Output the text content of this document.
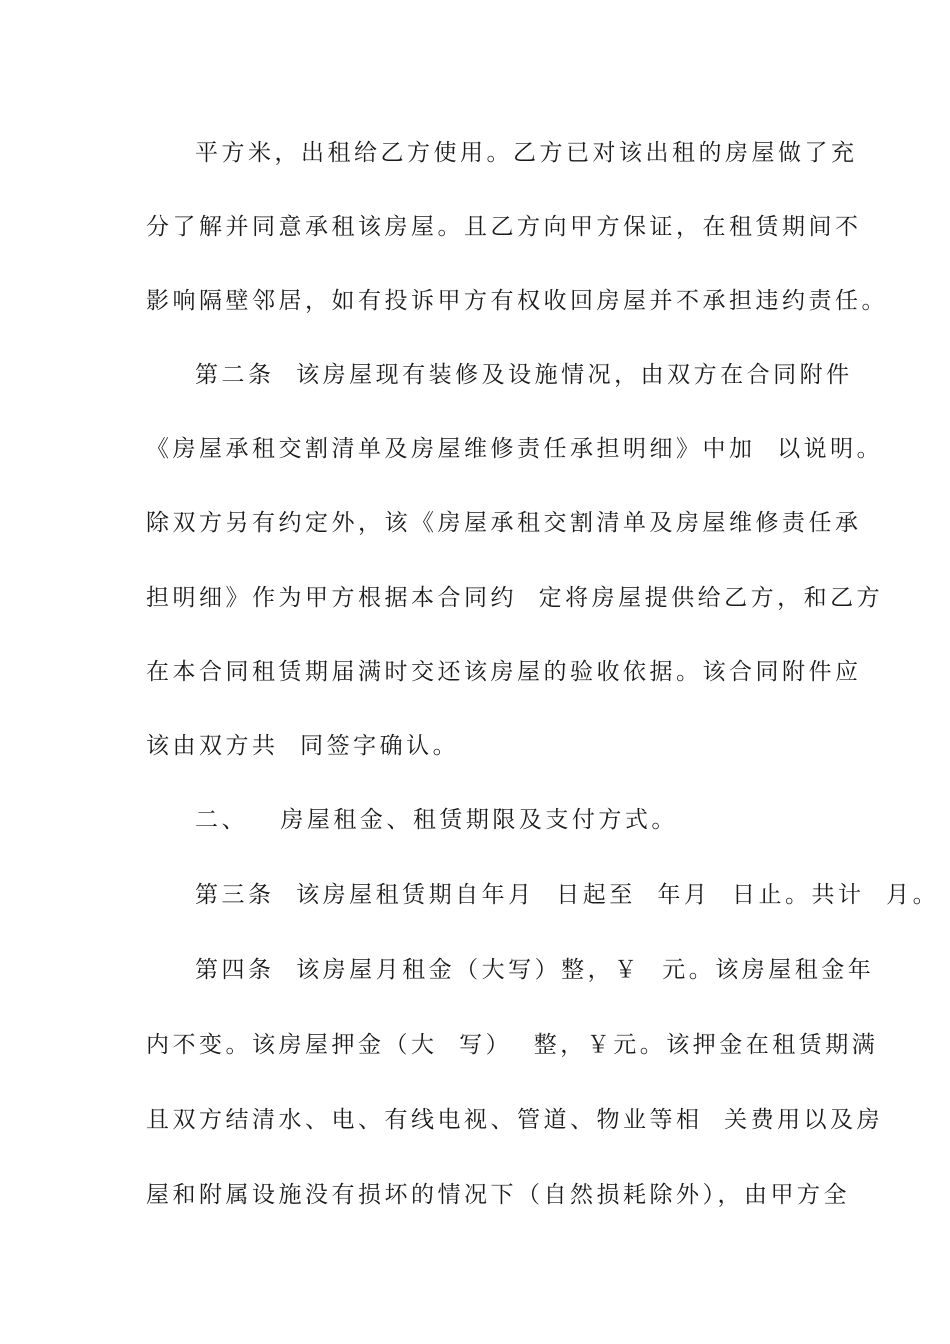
平方米，出租给乙方使用。乙方已对该出租的房屋做了充
分了解并同意承租该房屋。且乙方向甲方保证，在租赁期间不
影响隔壁邻居，如有投诉甲方有权收回房屋并不承担违约责任。
第二条  该房屋现有装修及设施情况，由双方在合同附件
《房屋承租交割清单及房屋维修责任承担明细》中加  以说明。
除双方另有约定外，该《房屋承租交割清单及房屋维修责任承
担明细》作为甲方根据本合同约  定将房屋提供给乙方，和乙方
在本合同租赁期届满时交还该房屋的验收依据。该合同附件应
该由双方共  同签字确认。
二、   房屋租金、租赁期限及支付方式。
第三条  该房屋租赁期自年月  日起至  年月  日止。共计  月。
第四条  该房屋月租金（大写）整，￥  元。该房屋租金年
内不变。该房屋押金（大  写）  整，￥元。该押金在租赁期满
且双方结清水、电、有线电视、管道、物业等相  关费用以及房
屋和附属设施没有损坏的情况下（自然损耗除外），由甲方全
